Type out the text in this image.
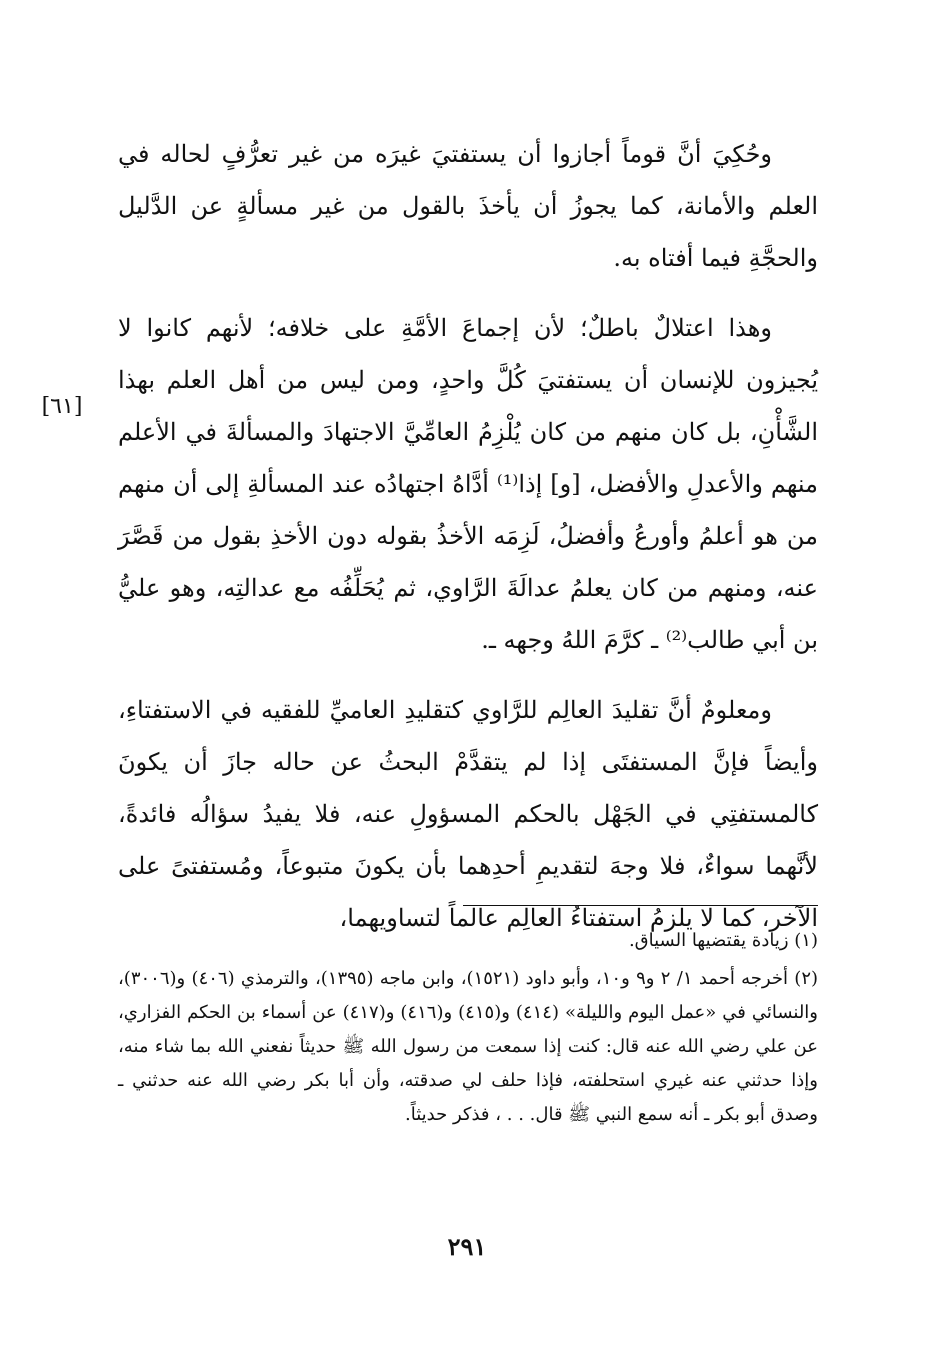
وحُكِيَ أنَّ قوماً أجازوا أن يستفتيَ غيرَه من غير تعرُّفٍ لحاله في العلم والأمانة، كما يجوزُ أن يأخذَ بالقول من غير مسألةٍ عن الدَّليل والحجَّةِ فيما أفتاه به.

وهذا اعتلالٌ باطلٌ؛ لأن إجماعَ الأمَّةِ على خلافه؛ لأنهم كانوا لا يُجيزون للإنسان أن يستفتيَ كُلَّ واحدٍ، ومن ليس من أهل العلم بهذا الشَّأْنِ، بل كان منهم من كان يُلْزِمُ العامِّيَّ الاجتهادَ والمسألةَ في الأعلم منهم والأعدلِ والأفضل، [و] إذا⁽¹⁾ أدَّاهُ اجتهادُه عند المسألةِ إلى أن منهم من هو أعلمُ وأورعُ وأفضلُ، لَزِمَه الأخذُ بقوله دون الأخذِ بقول من قَصَّرَ عنه، ومنهم من كان يعلمُ عدالَةَ الرَّاوي، ثم يُحَلِّفُه مع عدالتِه، وهو عليُّ بن أبي طالب⁽²⁾ ـ كرَّمَ اللهُ وجهه ـ.

ومعلومٌ أنَّ تقليدَ العالِم للرَّاوي كتقليدِ العاميِّ للفقيه في الاستفتاءِ، وأيضاً فإنَّ المستفتَى إذا لم يتقدَّمْ البحثُ عن حاله جازَ أن يكونَ كالمستفتِي في الجَهْل بالحكم المسؤولِ عنه، فلا يفيدُ سؤالُه فائدةً، لأنَّهما سواءٌ، فلا وجهَ لتقديمِ أحدِهما بأن يكونَ متبوعاً، ومُستفتىً على الآخر، كما لا يلزمُ استفتاءُ العالِم عالماً لتساويهما،

[٦١]

(١) زيادة يقتضيها السياق.

(٢) أخرجه أحمد ١/ ٢ و٩ و١٠، وأبو داود (١٥٢١)، وابن ماجه (١٣٩٥)، والترمذي (٤٠٦) و(٣٠٠٦)، والنسائي في «عمل اليوم والليلة» (٤١٤) و(٤١٥) و(٤١٦) و(٤١٧) عن أسماء بن الحكم الفزاري، عن علي رضي الله عنه قال: كنت إذا سمعت من رسول الله ﷺ حديثاً نفعني الله بما شاء منه، وإذا حدثني عنه غيري استحلفته، فإذا حلف لي صدقته، وأن أبا بكر رضي الله عنه حدثني ـ وصدق أبو بكر ـ أنه سمع النبي ﷺ قال. . . ، فذكر حديثاً.

٢٩١
